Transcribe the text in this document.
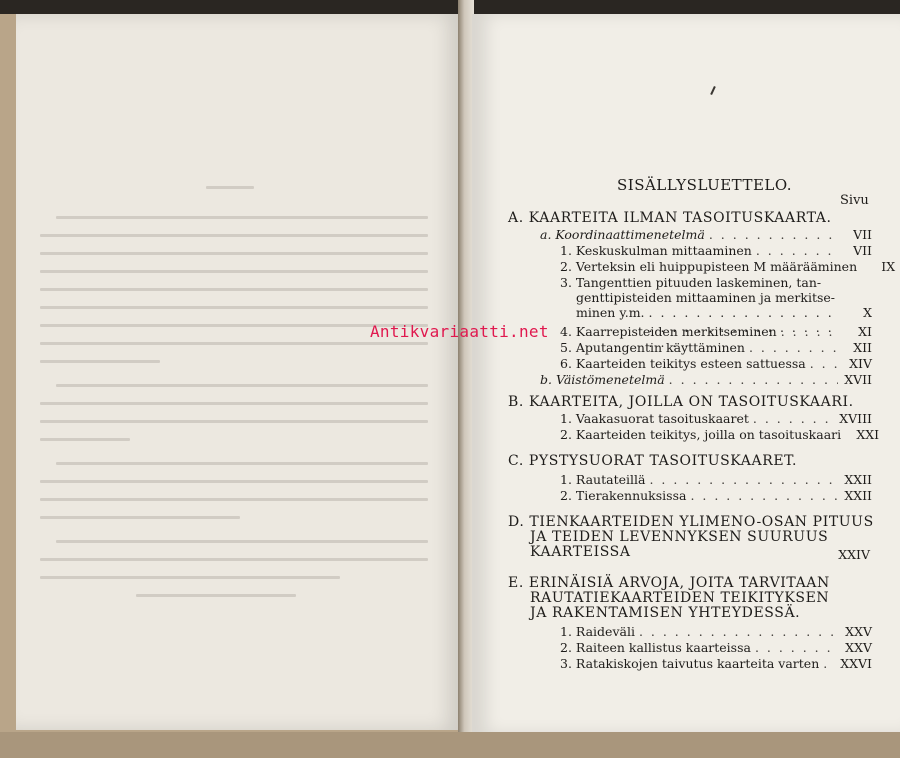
SISÄLLYSLUETTELO.
Sivu
A. KAARTEITA ILMAN TASOITUSKAARTA.
a. Koordinaattimenetelmä . . .	VII
1. Keskuskulman mittaaminen . . .	VII
2. Verteksin eli huippupisteen M määrääminen	IX
3. Tangenttien pituuden laskeminen, tan-
genttipisteiden mittaaminen ja merkitse-
minen y.m. . . .	X
4. Kaarrepisteiden merkitseminen . . .	XI
5. Aputangentin käyttäminen . . .	XII
6. Kaarteiden teikitys esteen sattuessa . . .	XIV
b. Väistömenetelmä . . .	XVII
B. KAARTEITA, JOILLA ON TASOITUSKAARI.
1. Vaakasuorat tasoituskaaret . . .	XVIII
2. Kaarteiden teikitys, joilla on tasoituskaari	XXI
C. PYSTYSUORAT TASOITUSKAARET.
1. Rautateillä . . .	XXII
2. Tierakennuksissa . . .	XXII
D. TIENKAARTEIDEN YLIMENO-OSAN PITUUS
JA TEIDEN LEVENNYKSEN SUURUUS
KAARTEISSA	XXIV
E. ERINÄISIÄ ARVOJA, JOITA TARVITAAN
RAUTATIEKAARTEIDEN TEIKITYKSEN
JA RAKENTAMISEN YHTEYDESSÄ.
1. Raideväli . . .	XXV
2. Raiteen kallistus kaarteissa . . .	XXV
3. Ratakiskojen taivutus kaarteita varten . . . XXVI
Antikvariaatti.net
